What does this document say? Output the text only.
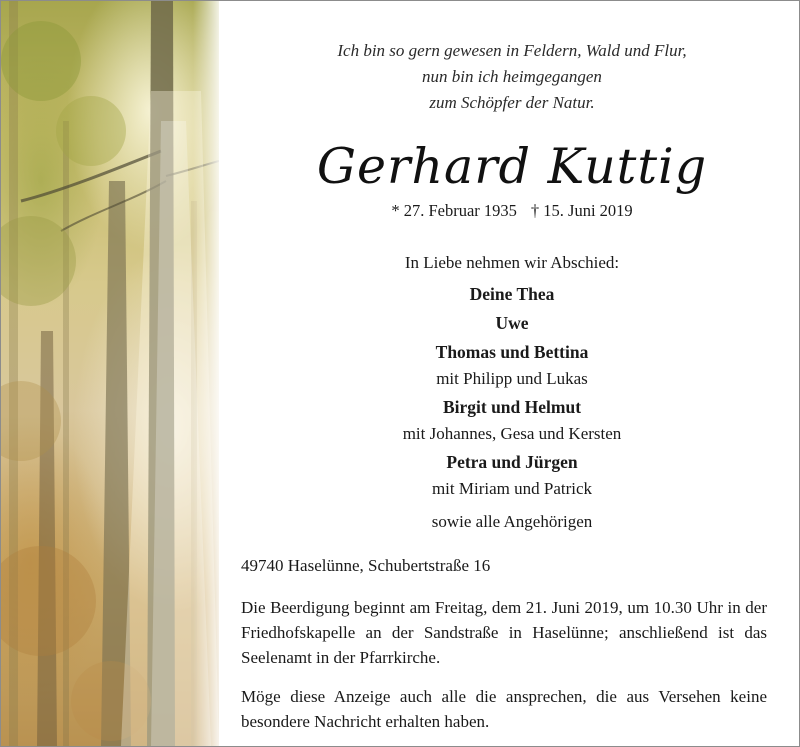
Ich bin so gern gewesen in Feldern, Wald und Flur,
nun bin ich heimgegangen
zum Schöpfer der Natur.
Gerhard Kuttig
* 27. Februar 1935 † 15. Juni 2019
In Liebe nehmen wir Abschied:
Deine Thea
Uwe
Thomas und Bettina
mit Philipp und Lukas
Birgit und Helmut
mit Johannes, Gesa und Kersten
Petra und Jürgen
mit Miriam und Patrick
sowie alle Angehörigen
49740 Haselünne, Schubertstraße 16
Die Beerdigung beginnt am Freitag, dem 21. Juni 2019, um 10.30 Uhr in der Friedhofskapelle an der Sandstraße in Haselünne; anschließend ist das Seelenamt in der Pfarrkirche.
Möge diese Anzeige auch alle die ansprechen, die aus Versehen keine besondere Nachricht erhalten haben.
